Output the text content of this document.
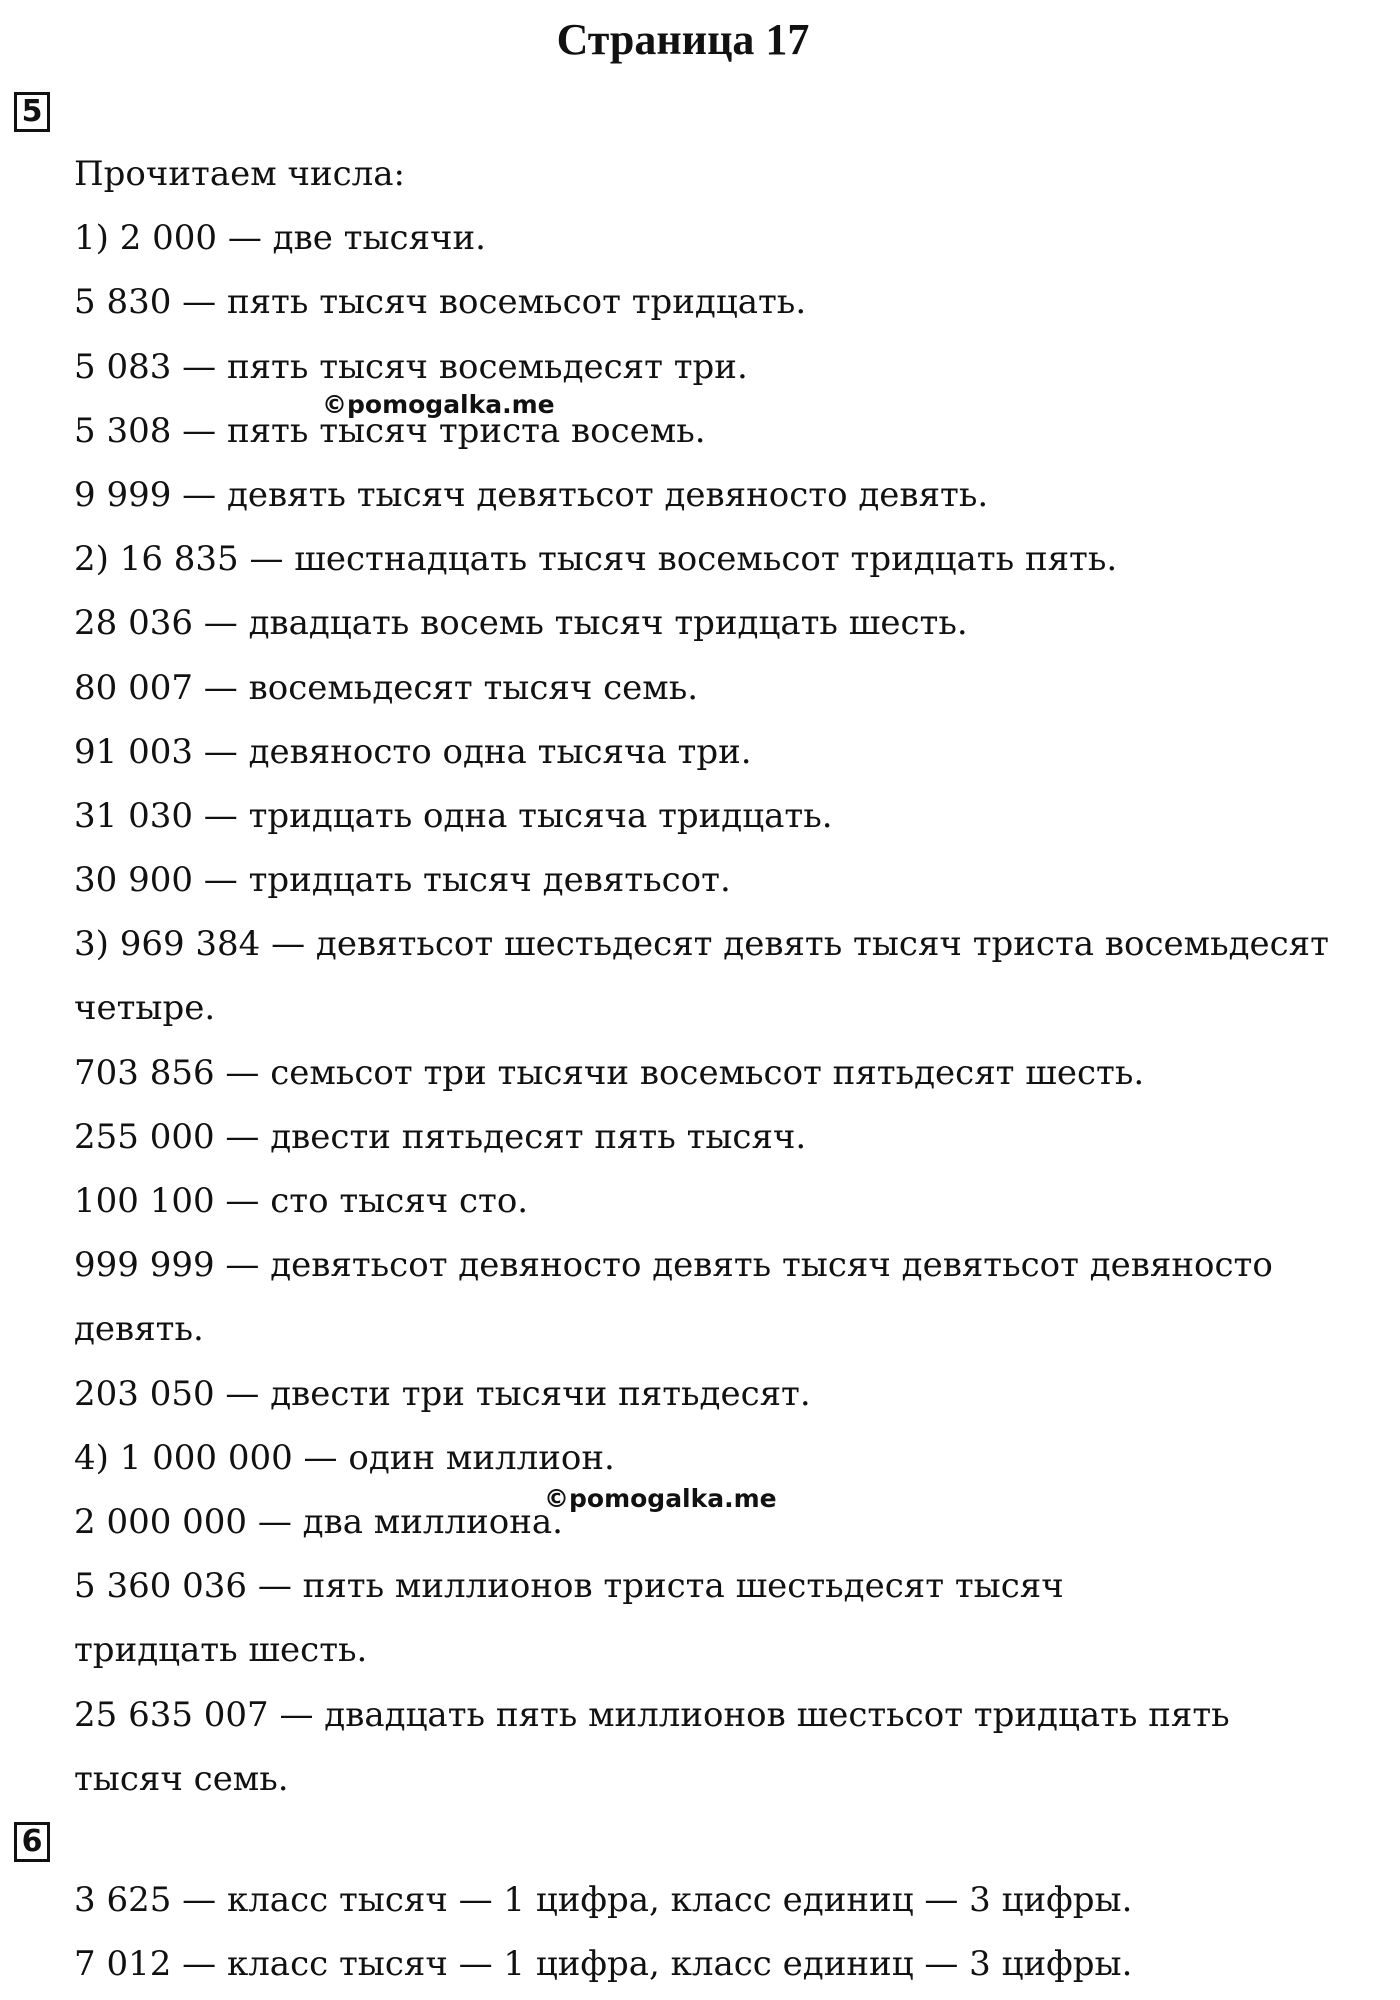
Страница 17
5
Прочитаем числа:
1) 2 000 — две тысячи.
5 830 — пять тысяч восемьсот тридцать.
5 083 — пять тысяч восемьдесят три.
5 308 — пять тысяч триста восемь.
9 999 — девять тысяч девятьсот девяносто девять.
2) 16 835 — шестнадцать тысяч восемьсот тридцать пять.
28 036 — двадцать восемь тысяч тридцать шесть.
80 007 — восемьдесят тысяч семь.
91 003 — девяносто одна тысяча три.
31 030 — тридцать одна тысяча тридцать.
30 900 — тридцать тысяч девятьсот.
3) 969 384 — девятьсот шестьдесят девять тысяч триста восемьдесят
четыре.
703 856 — семьсот три тысячи восемьсот пятьдесят шесть.
255 000 — двести пятьдесят пять тысяч.
100 100 — сто тысяч сто.
999 999 — девятьсот девяносто девять тысяч девятьсот девяносто
девять.
203 050 — двести три тысячи пятьдесят.
4) 1 000 000 — один миллион.
2 000 000 — два миллиона.
5 360 036 — пять миллионов триста шестьдесят тысяч
тридцать шесть.
25 635 007 — двадцать пять миллионов шестьсот тридцать пять
тысяч семь.
6
3 625 — класс тысяч — 1 цифра, класс единиц — 3 цифры.
7 012 — класс тысяч — 1 цифра, класс единиц — 3 цифры.
©pomogalka.me
©pomogalka.me
